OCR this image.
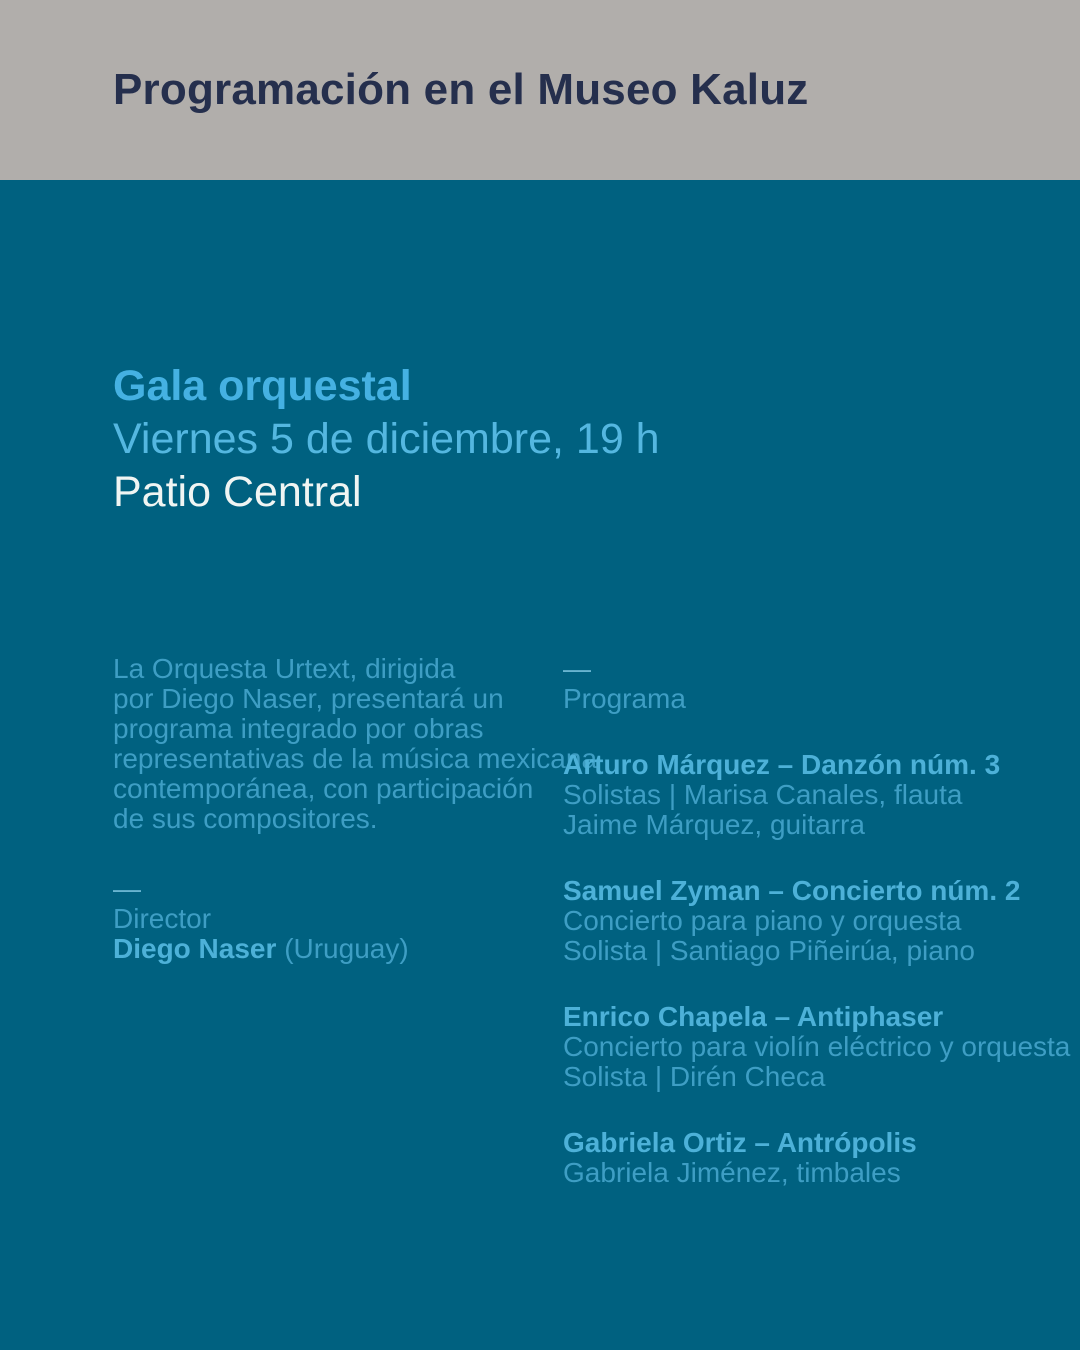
Programación en el Museo Kaluz
Gala orquestal
Viernes 5 de diciembre, 19 h
Patio Central
La Orquesta Urtext, dirigida
por Diego Naser, presentará un
programa integrado por obras
representativas de la música mexicana
contemporánea, con participación
de sus compositores.
—
Director
Diego Naser (Uruguay)
—
Programa
Arturo Márquez – Danzón núm. 3
Solistas | Marisa Canales, flauta
Jaime Márquez, guitarra
Samuel Zyman – Concierto núm. 2
Concierto para piano y orquesta
Solista | Santiago Piñeirúa, piano
Enrico Chapela – Antiphaser
Concierto para violín eléctrico y orquesta
Solista | Dirén Checa
Gabriela Ortiz – Antrópolis
Gabriela Jiménez, timbales
